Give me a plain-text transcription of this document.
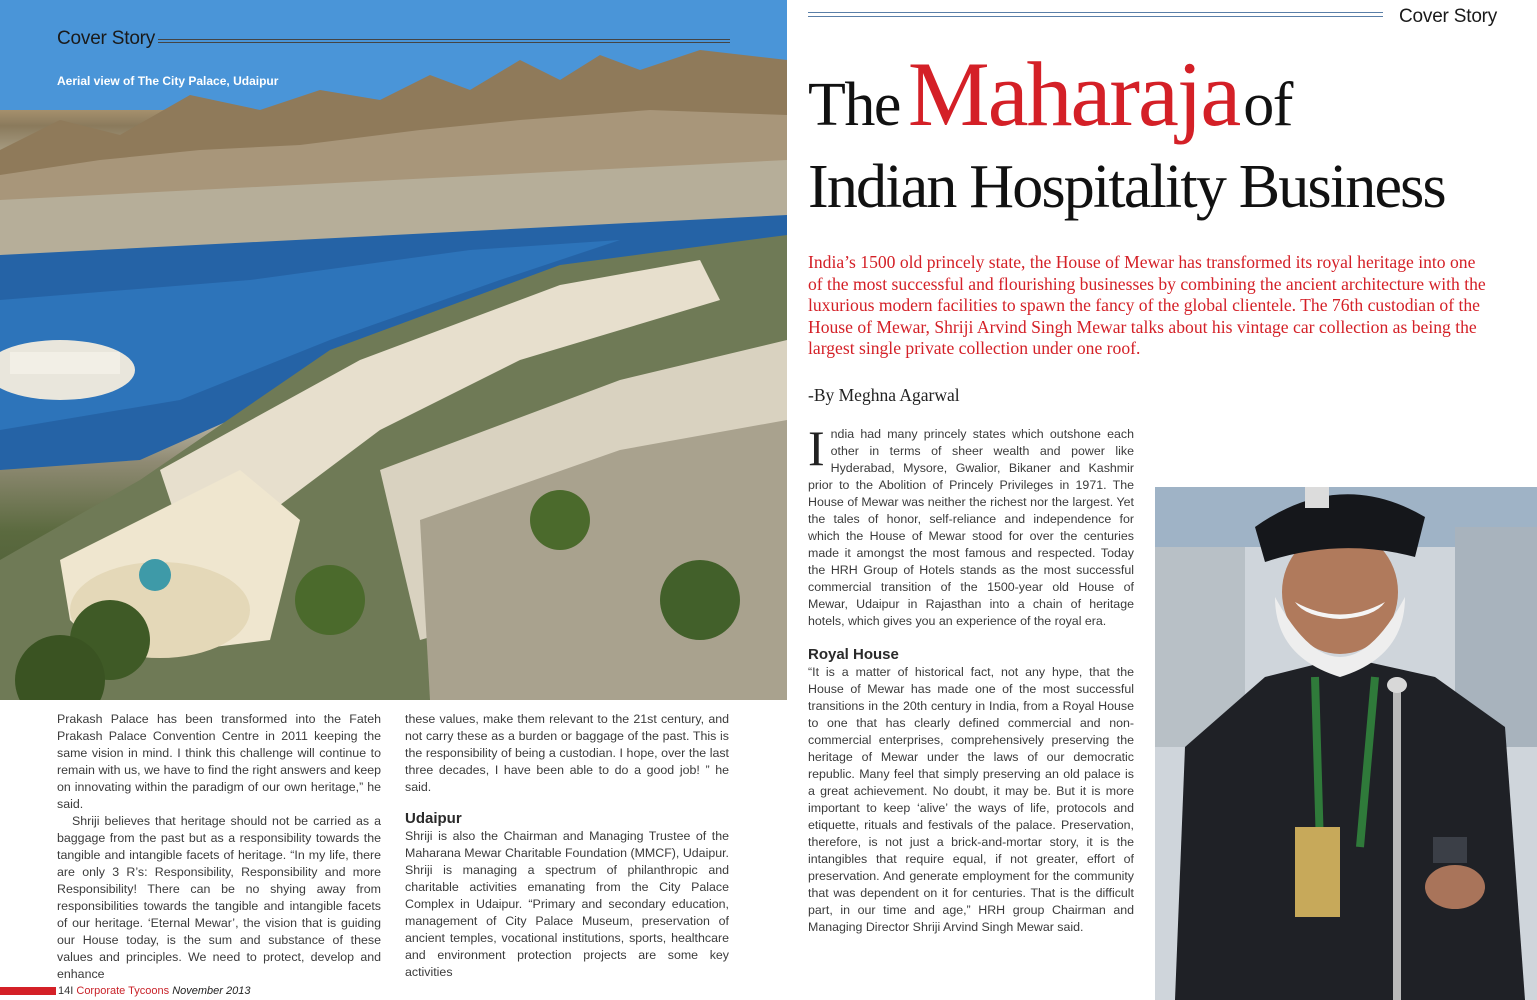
Cover Story
Aerial view of The City Palace, Udaipur

Prakash Palace has been transformed into the Fateh Prakash Palace Convention Centre in 2011 keeping the same vision in mind. I think this challenge will continue to remain with us, we have to find the right answers and keep on innovating within the paradigm of our own heritage,” he said.

Shriji believes that heritage should not be carried as a baggage from the past but as a responsibility towards the tangible and intangible facets of heritage. “In my life, there are only 3 R’s: Responsibility, Responsibility and more Responsibility! There can be no shying away from responsibilities towards the tangible and intangible facets of our heritage. ‘Eternal Mewar’, the vision that is guiding our House today, is the sum and substance of these values and principles. We need to protect, develop and enhance

these values, make them relevant to the 21st century, and not carry these as a burden or baggage of the past. This is the responsibility of being a custodian. I hope, over the last three decades, I have been able to do a good job! ” he said.

Udaipur

Shriji is also the Chairman and Managing Trustee of the Maharana Mewar Charitable Foundation (MMCF), Udaipur. Shriji is managing a spectrum of philanthropic and charitable activities emanating from the City Palace Complex in Udaipur. “Primary and secondary education, management of City Palace Museum, preservation of ancient temples, vocational institutions, sports, healthcare and environment protection projects are some key activities

14I Corporate Tycoons November 2013
Cover Story
TheMaharajaof
Indian Hospitality Business
India’s 1500 old princely state, the House of Mewar has transformed its royal heritage into one of the most successful and flourishing businesses by combining the ancient architecture with the luxurious modern facilities to spawn the fancy of the global clientele. The 76th custodian of the House of Mewar, Shriji Arvind Singh Mewar talks about his vintage car collection as being the largest single private collection under one roof.
-By Meghna Agarwal

India had many princely states which outshone each other in terms of sheer wealth and power like Hyderabad, Mysore, Gwalior, Bikaner and Kashmir prior to the Abolition of Princely Privileges in 1971. The House of Mewar was neither the richest nor the largest. Yet the tales of honor, self-reliance and independence for which the House of Mewar stood for over the centuries made it amongst the most famous and respected. Today the HRH Group of Hotels stands as the most successful commercial transition of the 1500-year old House of Mewar, Udaipur in Rajasthan into a chain of heritage hotels, which gives you an experience of the royal era.

Royal House

“It is a matter of historical fact, not any hype, that the House of Mewar has made one of the most successful transitions in the 20th century in India, from a Royal House to one that has clearly defined commercial and non-commercial enterprises, comprehensively preserving the heritage of Mewar under the laws of our democratic republic. Many feel that simply preserving an old palace is a great achievement. No doubt, it may be. But it is more important to keep ‘alive’ the ways of life, protocols and etiquette, rituals and festivals of the palace. Preservation, therefore, is not just a brick-and-mortar story, it is the intangibles that require equal, if not greater, effort of preservation. And generate employment for the community that was dependent on it for centuries. That is the difficult part, in our time and age,” HRH group Chairman and Managing Director Shriji Arvind Singh Mewar said.
